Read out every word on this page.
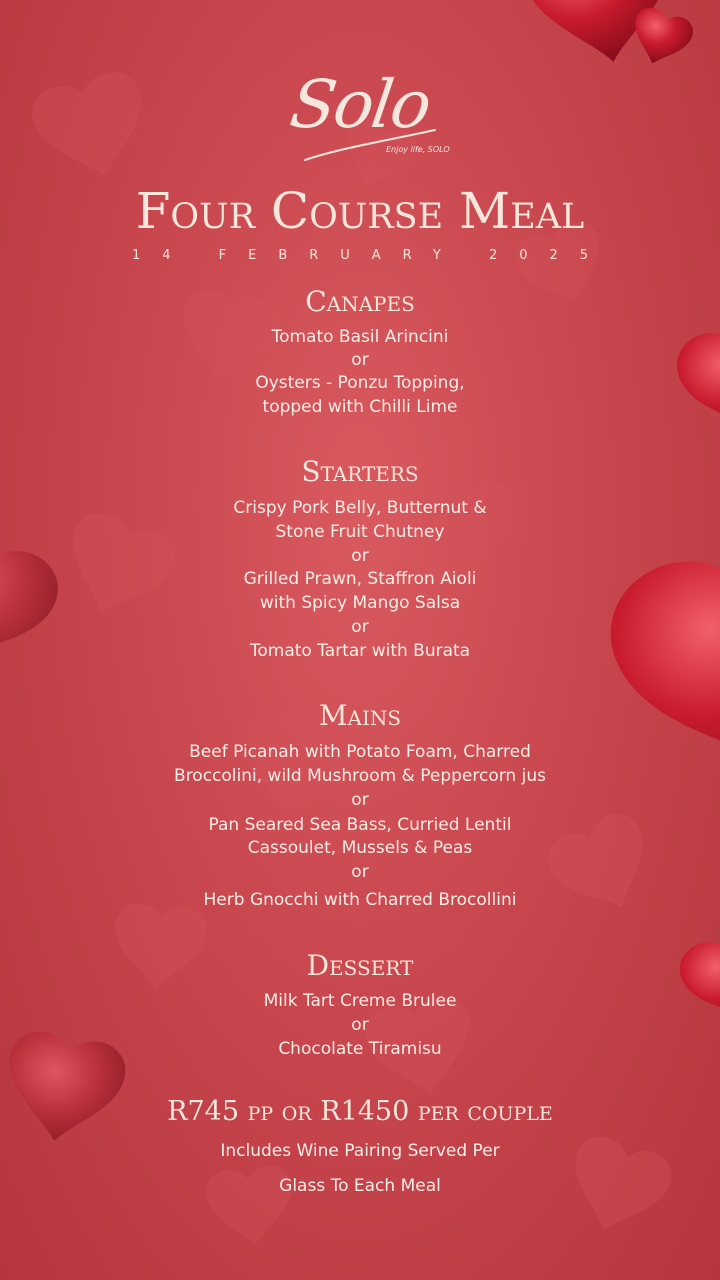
Solo
Enjoy life, SOLO
Four Course Meal
14 FEBRUARY 2025
Canapes
Tomato Basil Arincini
or
Oysters - Ponzu Topping,
topped with Chilli Lime
Starters
Crispy Pork Belly, Butternut &
Stone Fruit Chutney
or
Grilled Prawn, Staffron Aioli
with Spicy Mango Salsa
or
Tomato Tartar with Burata
Mains
Beef Picanah with Potato Foam, Charred
Broccolini, wild Mushroom & Peppercorn jus
or
Pan Seared Sea Bass, Curried Lentil
Cassoulet, Mussels & Peas
or
Herb Gnocchi with Charred Brocollini
Dessert
Milk Tart Creme Brulee
or
Chocolate Tiramisu
R745 pp or R1450 per couple
Includes Wine Pairing Served Per
Glass To Each Meal
